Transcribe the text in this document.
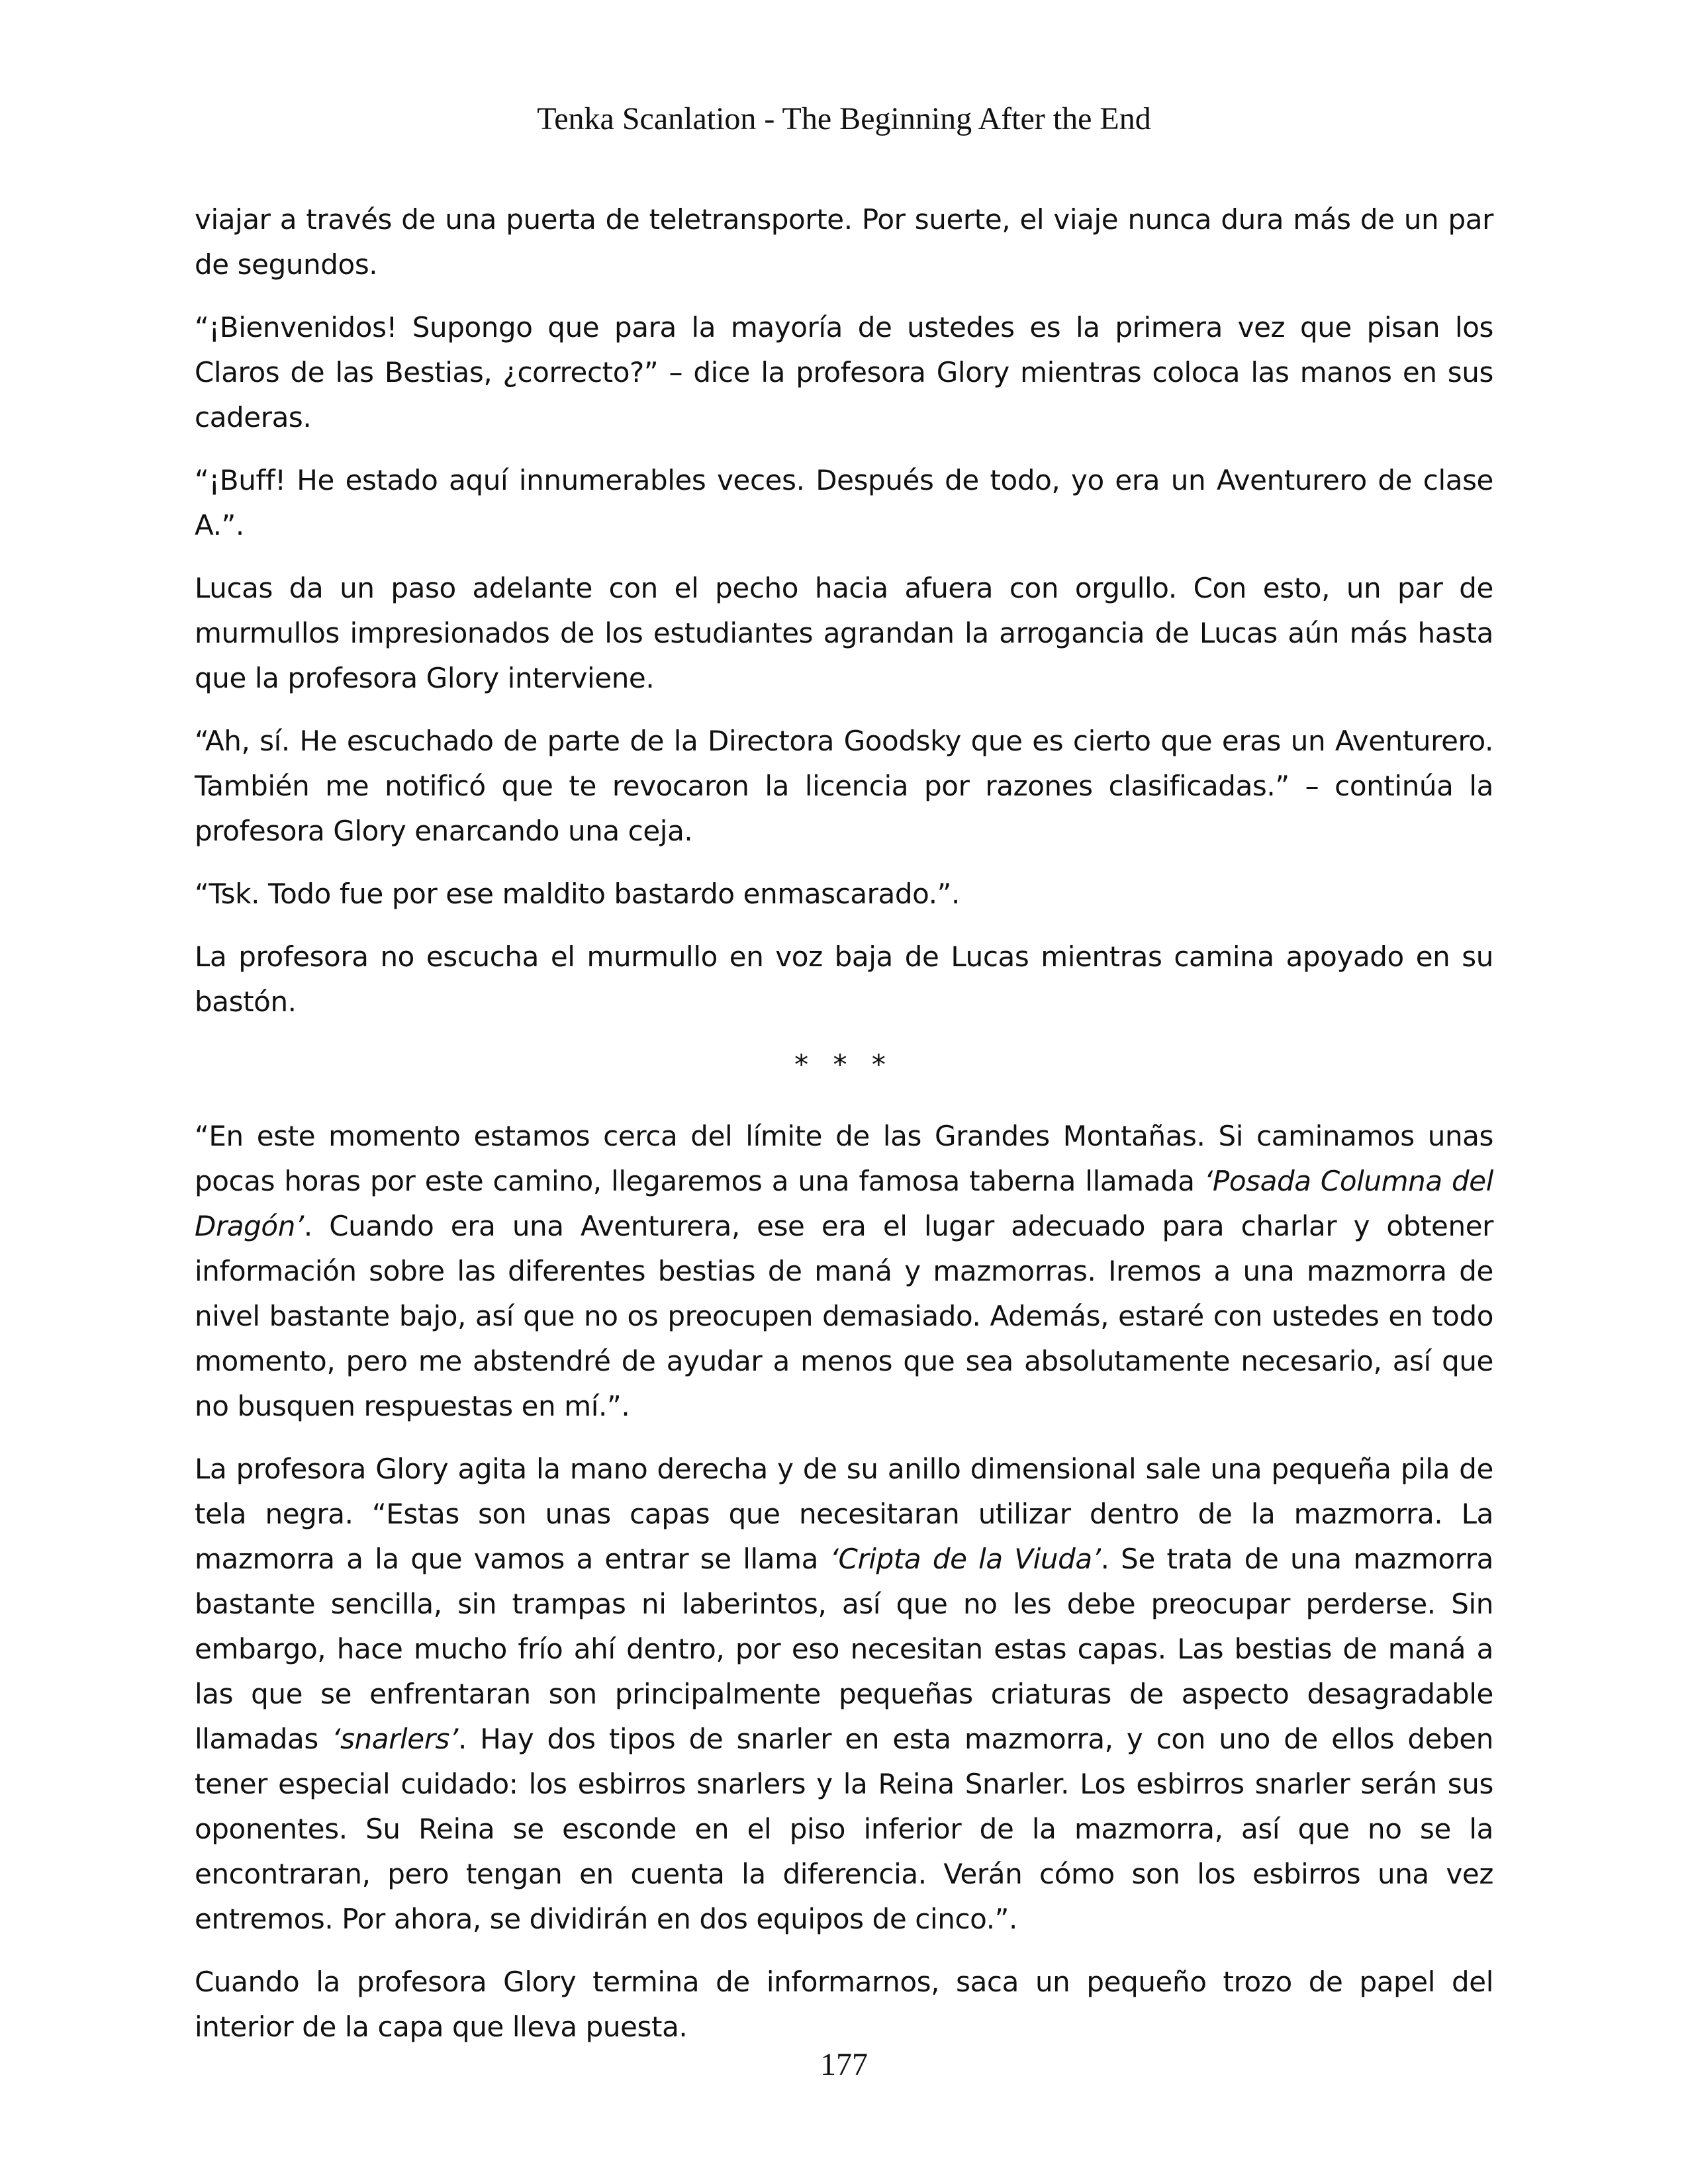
Tenka Scanlation - The Beginning After the End

viajar a través de una puerta de teletransporte. Por suerte, el viaje nunca dura más de un par de segundos.

“¡Bienvenidos! Supongo que para la mayoría de ustedes es la primera vez que pisan los Claros de las Bestias, ¿correcto?” – dice la profesora Glory mientras coloca las manos en sus caderas.

“¡Buff! He estado aquí innumerables veces. Después de todo, yo era un Aventurero de clase A.”.

Lucas da un paso adelante con el pecho hacia afuera con orgullo. Con esto, un par de murmullos impresionados de los estudiantes agrandan la arrogancia de Lucas aún más hasta que la profesora Glory interviene.

“Ah, sí. He escuchado de parte de la Directora Goodsky que es cierto que eras un Aventurero. También me notificó que te revocaron la licencia por razones clasificadas.” – continúa la profesora Glory enarcando una ceja.

“Tsk. Todo fue por ese maldito bastardo enmascarado.”.

La profesora no escucha el murmullo en voz baja de Lucas mientras camina apoyado en su bastón.

* * *

“En este momento estamos cerca del límite de las Grandes Montañas. Si caminamos unas pocas horas por este camino, llegaremos a una famosa taberna llamada ‘Posada Columna del Dragón’. Cuando era una Aventurera, ese era el lugar adecuado para charlar y obtener información sobre las diferentes bestias de maná y mazmorras. Iremos a una mazmorra de nivel bastante bajo, así que no os preocupen demasiado. Además, estaré con ustedes en todo momento, pero me abstendré de ayudar a menos que sea absolutamente necesario, así que no busquen respuestas en mí.”.

La profesora Glory agita la mano derecha y de su anillo dimensional sale una pequeña pila de tela negra. “Estas son unas capas que necesitaran utilizar dentro de la mazmorra. La mazmorra a la que vamos a entrar se llama ‘Cripta de la Viuda’. Se trata de una mazmorra bastante sencilla, sin trampas ni laberintos, así que no les debe preocupar perderse. Sin embargo, hace mucho frío ahí dentro, por eso necesitan estas capas. Las bestias de maná a las que se enfrentaran son principalmente pequeñas criaturas de aspecto desagradable llamadas ‘snarlers’. Hay dos tipos de snarler en esta mazmorra, y con uno de ellos deben tener especial cuidado: los esbirros snarlers y la Reina Snarler. Los esbirros snarler serán sus oponentes. Su Reina se esconde en el piso inferior de la mazmorra, así que no se la encontraran, pero tengan en cuenta la diferencia. Verán cómo son los esbirros una vez entremos. Por ahora, se dividirán en dos equipos de cinco.”.

Cuando la profesora Glory termina de informarnos, saca un pequeño trozo de papel del interior de la capa que lleva puesta.

177
